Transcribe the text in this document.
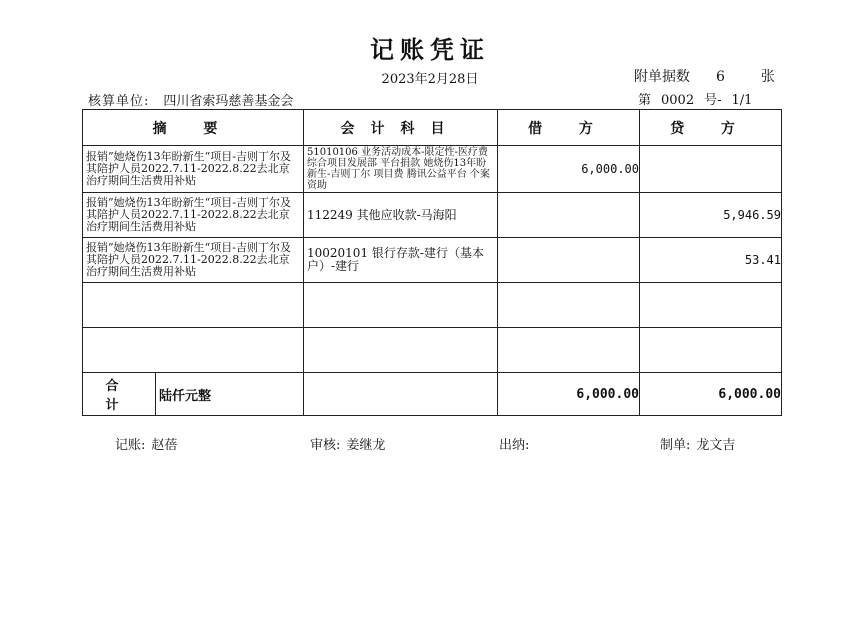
记账凭证
2023年2月28日	附单据数 6	张
核算单位: 四川省索玛慈善基金会	第 0002 号- 1/1
摘 要	会计科目	借 方	贷 方

报销”她烧伤13年盼新生“项目-吉则丁尔及其陪护人员2022.7.11-2022.8.22去北京治疗期间生活费用补贴	51010106 业务活动成本-限定性-医疗费 综合项目发展部 平台捐款 她烧伤13年盼新生-吉则丁尔 项目费 腾讯公益平台 个案资助	6,000.00	

报销”她烧伤13年盼新生“项目-吉则丁尔及其陪护人员2022.7.11-2022.8.22去北京治疗期间生活费用补贴	112249 其他应收款-马海阳		5,946.59

报销”她烧伤13年盼新生“项目-吉则丁尔及其陪护人员2022.7.11-2022.8.22去北京治疗期间生活费用补贴	10020101 银行存款-建行（基本户）-建行		53.41

合 计
陆仟元整		6,000.00	6,000.00
记账: 赵蓓	审核: 姜继龙	出纳:	制单: 龙文吉
